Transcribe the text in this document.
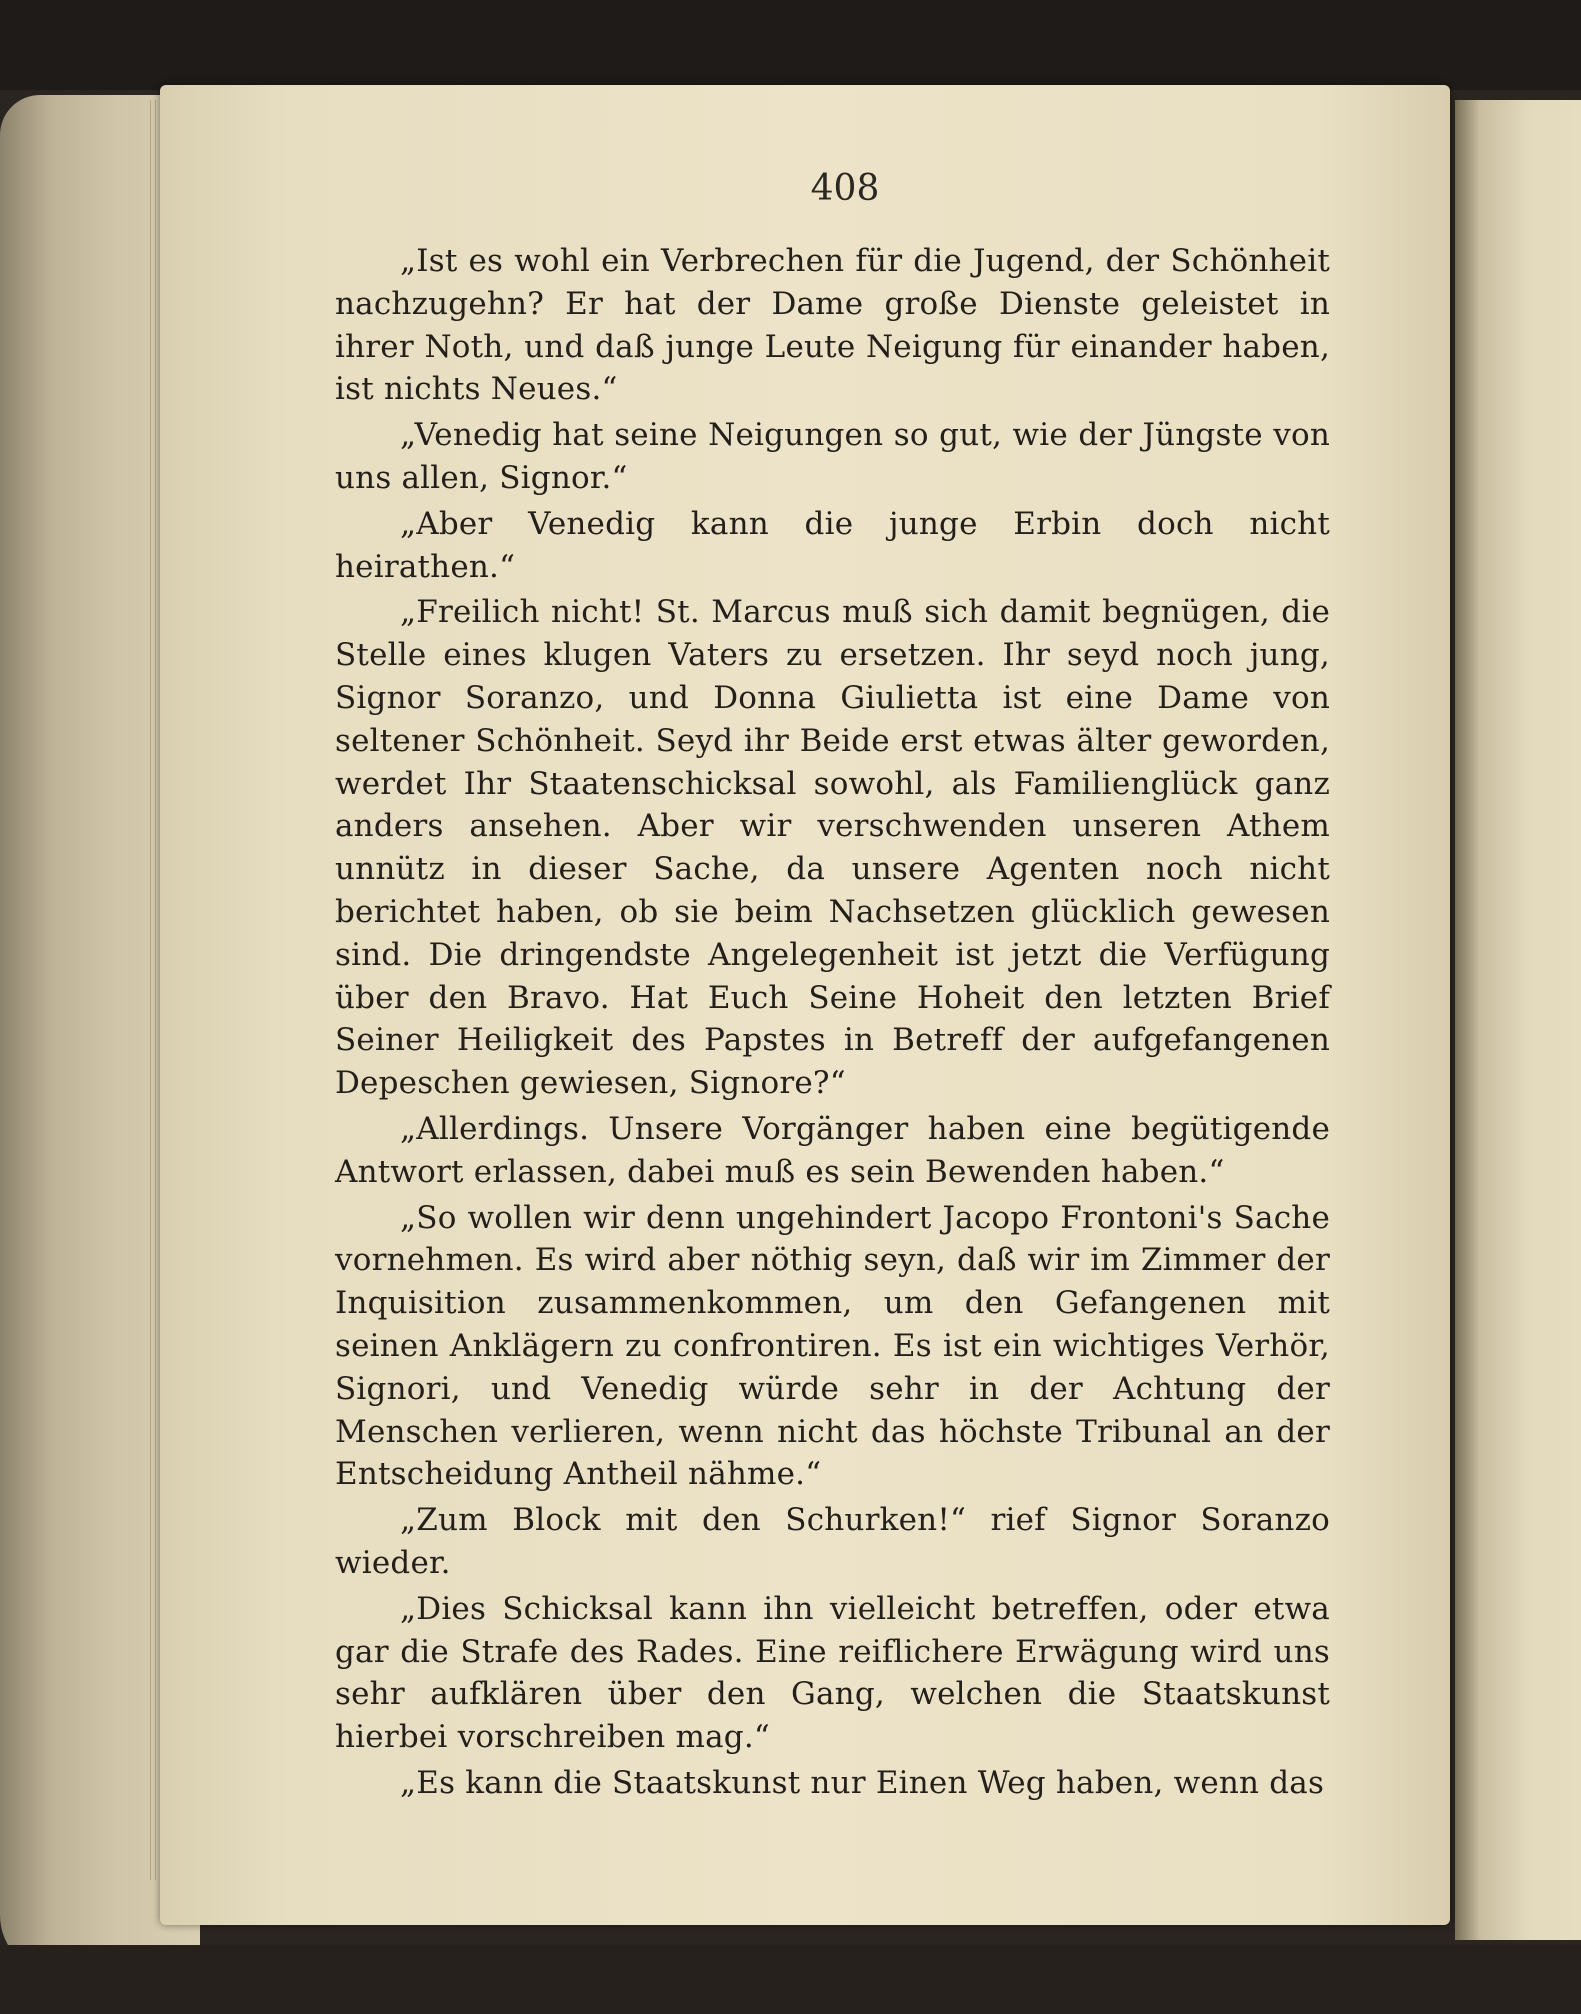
408

„Ist es wohl ein Verbrechen für die Jugend, der Schönheit nachzugehn? Er hat der Dame große Dienste geleistet in ihrer Noth, und daß junge Leute Neigung für einander haben, ist nichts Neues.“

„Venedig hat seine Neigungen so gut, wie der Jüngste von uns allen, Signor.“

„Aber Venedig kann die junge Erbin doch nicht heirathen.“

„Freilich nicht! St. Marcus muß sich damit begnügen, die Stelle eines klugen Vaters zu ersetzen. Ihr seyd noch jung, Signor Soranzo, und Donna Giulietta ist eine Dame von seltener Schönheit. Seyd ihr Beide erst etwas älter geworden, werdet Ihr Staatenschicksal sowohl, als Familienglück ganz anders ansehen. Aber wir verschwenden unseren Athem unnütz in dieser Sache, da unsere Agenten noch nicht berichtet haben, ob sie beim Nachsetzen glücklich gewesen sind. Die dringendste Angelegenheit ist jetzt die Verfügung über den Bravo. Hat Euch Seine Hoheit den letzten Brief Seiner Heiligkeit des Papstes in Betreff der aufgefangenen Depeschen gewiesen, Signore?“

„Allerdings. Unsere Vorgänger haben eine begütigende Antwort erlassen, dabei muß es sein Bewenden haben.“

„So wollen wir denn ungehindert Jacopo Frontoni's Sache vornehmen. Es wird aber nöthig seyn, daß wir im Zimmer der Inquisition zusammenkommen, um den Gefangenen mit seinen Anklägern zu confrontiren. Es ist ein wichtiges Verhör, Signori, und Venedig würde sehr in der Achtung der Menschen verlieren, wenn nicht das höchste Tribunal an der Entscheidung Antheil nähme.“

„Zum Block mit den Schurken!“ rief Signor Soranzo wieder.

„Dies Schicksal kann ihn vielleicht betreffen, oder etwa gar die Strafe des Rades. Eine reiflichere Erwägung wird uns sehr aufklären über den Gang, welchen die Staatskunst hierbei vorschreiben mag.“

„Es kann die Staatskunst nur Einen Weg haben, wenn das
